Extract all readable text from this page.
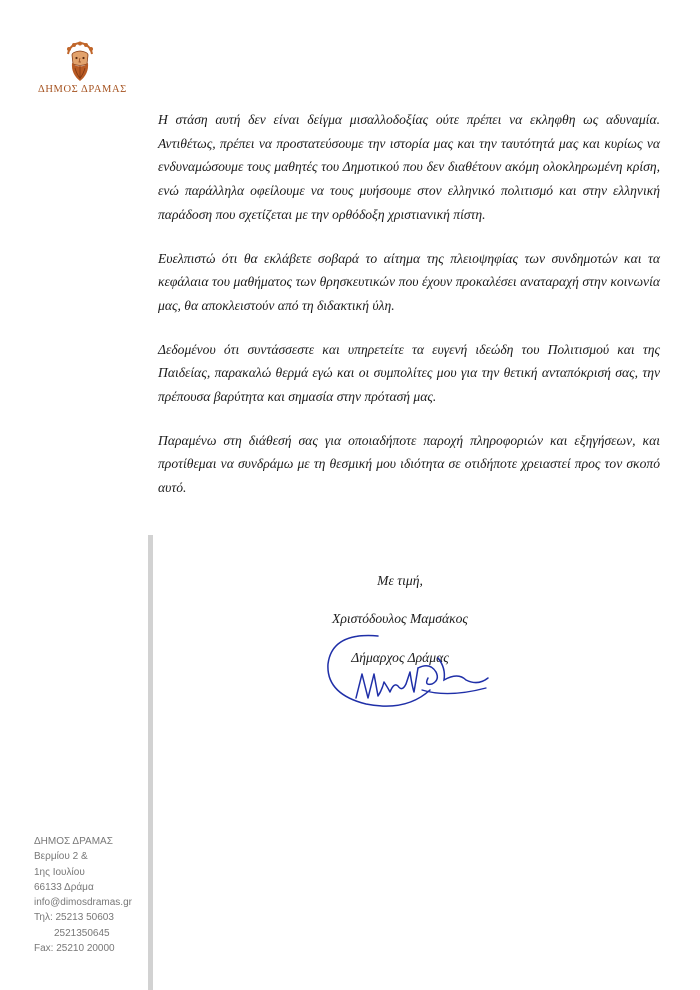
ΔΗΜΟΣ ΔΡΑΜΑΣ

Η στάση αυτή δεν είναι δείγμα μισαλλοδοξίας ούτε πρέπει να εκληφθη ως αδυναμία. Αντιθέτως, πρέπει να προστατεύσουμε την ιστορία μας και την ταυτότητά μας και κυρίως να ενδυναμώσουμε τους μαθητές του Δημοτικού που δεν διαθέτουν ακόμη ολοκληρωμένη κρίση, ενώ παράλληλα οφείλουμε να τους μυήσουμε στον ελληνικό πολιτισμό και στην ελληνική παράδοση που σχετίζεται με την ορθόδοξη χριστιανική πίστη.

Ευελπιστώ ότι θα εκλάβετε σοβαρά το αίτημα της πλειοψηφίας των συνδημοτών και τα κεφάλαια του μαθήματος των θρησκευτικών που έχουν προκαλέσει αναταραχή στην κοινωνία μας, θα αποκλειστούν από τη διδακτική ύλη.

Δεδομένου ότι συντάσσεστε και υπηρετείτε τα ευγενή ιδεώδη του Πολιτισμού και της Παιδείας, παρακαλώ θερμά εγώ και οι συμπολίτες μου για την θετική ανταπόκρισή σας, την πρέπουσα βαρύτητα και σημασία στην πρότασή μας.

Παραμένω στη διάθεσή σας για οποιαδήποτε παροχή πληροφοριών και εξηγήσεων, και προτίθεμαι να συνδράμω με τη θεσμική μου ιδιότητα σε οτιδήποτε χρειαστεί προς τον σκοπό αυτό.

Με τιμή,
Χριστόδουλος Μαμσάκος
Δήμαρχος Δράμας
ΔΗΜΟΣ ΔΡΑΜΑΣ
Βερμίου 2 &
1ης Ιουλίου
66133 Δράμα
info@dimosdramas.gr
Τηλ: 25213 50603
2521350645
Fax: 25210 20000
